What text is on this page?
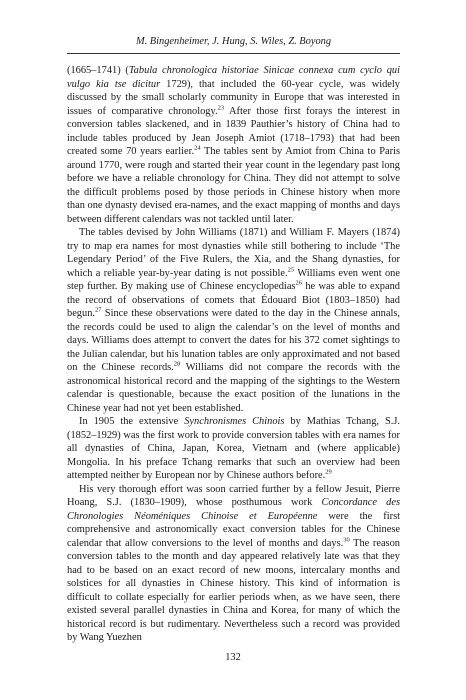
M. Bingenheimer, J. Hung, S. Wiles, Z. Boyong

(1665–1741) (Tabula chronologica historiae Sinicae connexa cum cyclo qui vulgo kia tse dicitur 1729), that included the 60-year cycle, was widely discussed by the small scholarly community in Europe that was interested in issues of comparative chronology.$^{23}$ After those first forays the interest in conversion tables slackened, and in 1839 Pauthier’s history of China had to include tables produced by Jean Joseph Amiot (1718–1793) that had been created some 70 years earlier.$^{24}$ The tables sent by Amiot from China to Paris around 1770, were rough and started their year count in the legendary past long before we have a reliable chronology for China. They did not attempt to solve the difficult problems posed by those periods in Chinese history when more than one dynasty devised era-names, and the exact mapping of months and days between different calendars was not tackled until later.

The tables devised by John Williams (1871) and William F. Mayers (1874) try to map era names for most dynasties while still bothering to include ‘The Legendary Period’ of the Five Rulers, the Xia, and the Shang dynasties, for which a reliable year-by-year dating is not possible.$^{25}$ Williams even went one step further. By making use of Chinese encyclopedias$^{26}$ he was able to expand the record of observations of comets that Édouard Biot (1803–1850) had begun.$^{27}$ Since these observations were dated to the day in the Chinese annals, the records could be used to align the calendar’s on the level of months and days. Williams does attempt to convert the dates for his 372 comet sightings to the Julian calendar, but his lunation tables are only approximated and not based on the Chinese records.$^{28}$ Williams did not compare the records with the astronomical historical record and the mapping of the sightings to the Western calendar is questionable, because the exact position of the lunations in the Chinese year had not yet been established.

In 1905 the extensive Synchronismes Chinois by Mathias Tchang, S.J. (1852–1929) was the first work to provide conversion tables with era names for all dynasties of China, Japan, Korea, Vietnam and (where applicable) Mongolia. In his preface Tchang remarks that such an overview had been attempted neither by European nor by Chinese authors before.$^{29}$

His very thorough effort was soon carried further by a fellow Jesuit, Pierre Hoang, S.J. (1830–1909), whose posthumous work Concordance des Chronologies Néoméniques Chinoise et Européenne were the first comprehensive and astronomically exact conversion tables for the Chinese calendar that allow conversions to the level of months and days.$^{30}$ The reason conversion tables to the month and day appeared relatively late was that they had to be based on an exact record of new moons, intercalary months and solstices for all dynasties in Chinese history. This kind of information is difficult to collate especially for earlier periods when, as we have seen, there existed several parallel dynasties in China and Korea, for many of which the historical record is but rudimentary. Nevertheless such a record was provided by Wang Yuezhen

132
